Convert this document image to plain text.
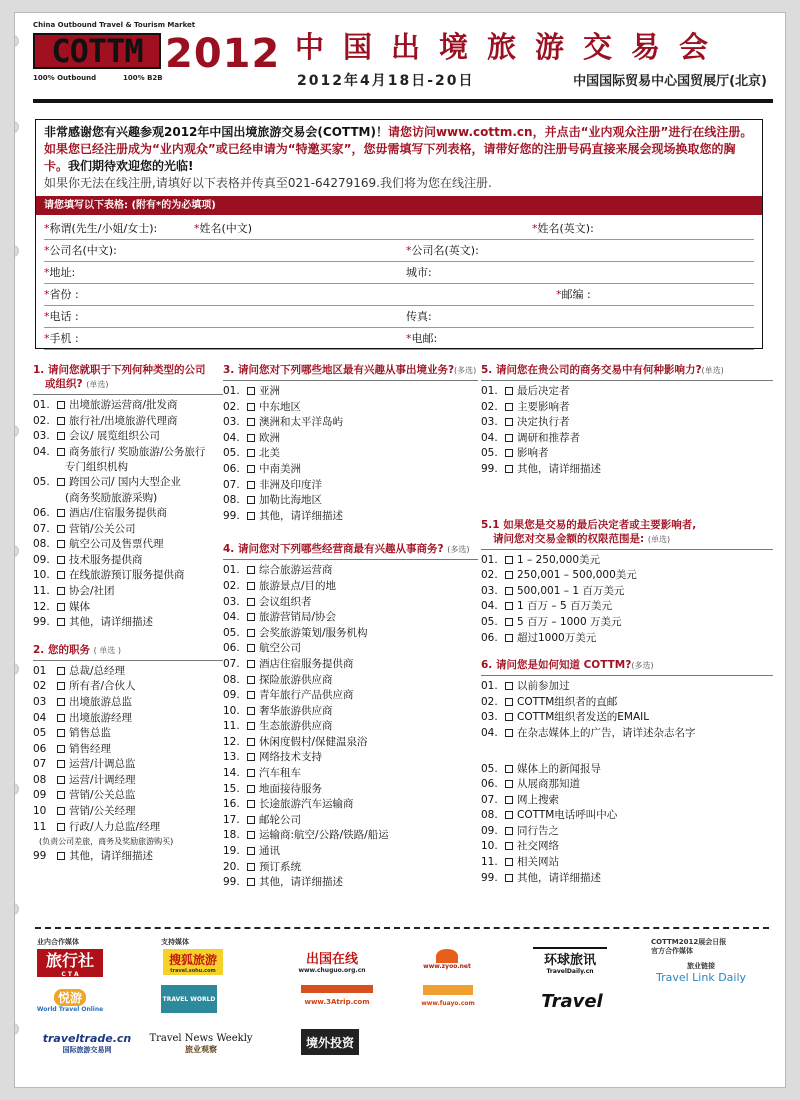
China Outbound Travel & Tourism Market
COTTM
100% Outbound	100% B2B
2012 中国出境旅游交易会
2012年4月18日-20日	中国国际贸易中心国贸展厅(北京)
非常感谢您有兴趣参观2012年中国出境旅游交易会(COTTM)！请您访问www.cottm.cn，并点击“业内观众注册”进行在线注册。如果您已经注册成为“业内观众”或已经申请为“特邀买家”，您毋需填写下列表格，请带好您的注册号码直接来展会现场换取您的胸卡。我们期待欢迎您的光临!
如果你无法在线注册,请填好以下表格并传真至021-64279169.我们将为您在线注册.
请您填写以下表格: (附有*的为必填项)
*称谓(先生/小姐/女士):	*姓名(中文)	*姓名(英文):
*公司名(中文):	*公司名(英文):
*地址:	城市:
*省份 :	*邮编 :
*电话 :	传真:
*手机 :	*电邮:
1. 请问您就职于下列何种类型的公司
或组织? (单选)
01. 出境旅游运营商/批发商
02. 旅行社/出境旅游代理商
03. 会议/ 展览组织公司
04. 商务旅行/ 奖励旅游/公务旅行
专门组织机构
05. 跨国公司/ 国内大型企业
(商务奖励旅游采购)
06. 酒店/住宿服务提供商
07. 营销/公关公司
08. 航空公司及售票代理
09. 技术服务提供商
10. 在线旅游预订服务提供商
11. 协会/社团
12. 媒体
99. 其他，请详细描述
2. 您的职务 ( 单选 )
01 总裁/总经理
02 所有者/合伙人
03 出境旅游总监
04 出境旅游经理
05 销售总监
06 销售经理
07 运营/计调总监
08 运营/计调经理
09 营销/公关总监
10 营销/公关经理
11 行政/人力总监/经理
(负责公司差旅，商务及奖励旅游购买)
99 其他，请详细描述
3. 请问您对下列哪些地区最有兴趣从事出境业务?(多选)
01. 亚洲
02. 中东地区
03. 澳洲和太平洋岛屿
04. 欧洲
05. 北美
06. 中南美洲
07. 非洲及印度洋
08. 加勒比海地区
99. 其他，请详细描述
4. 请问您对下列哪些经营商最有兴趣从事商务? (多选)
01. 综合旅游运营商
02. 旅游景点/目的地
03. 会议组织者
04. 旅游营销局/协会
05. 会奖旅游策划/服务机构
06. 航空公司
07. 酒店住宿服务提供商
08. 探险旅游供应商
09. 青年旅行产品供应商
10. 奢华旅游供应商
11. 生态旅游供应商
12. 休闲度假村/保健温泉浴
13. 网络技术支持
14. 汽车租车
15. 地面接待服务
16. 长途旅游汽车运输商
17. 邮轮公司
18. 运输商:航空/公路/铁路/船运
19. 通讯
20. 预订系统
99. 其他，请详细描述
5. 请问您在贵公司的商务交易中有何种影响力?(单选)
01. 最后决定者
02. 主要影响者
03. 决定执行者
04. 调研和推荐者
05. 影响者
99. 其他，请详细描述
5.1 如果您是交易的最后决定者或主要影响者,
请问您对交易金额的权限范围是: (单选)
01. 1 – 250,000美元
02. 250,001 – 500,000美元
03. 500,001 – 1 百万美元
04. 1 百万 – 5 百万美元
05. 5 百万 – 1000 万美元
06. 超过1000万美元
6. 请问您是如何知道 COTTM?(多选)
01. 以前参加过
02. COTTM组织者的直邮
03. COTTM组织者发送的EMAIL
04. 在杂志媒体上的广告，请详述杂志名字
05. 媒体上的新闻报导
06. 从展商那知道
07. 网上搜索
08. COTTM电话呼叫中心
09. 同行告之
10. 社交网络
11. 相关网站
99. 其他，请详细描述
业内合作媒体	支持媒体	COTTM2012展会日报
官方合作媒体
旅行社
C T A
搜狐旅游
travel.sohu.com
出国在线
www.chuguo.org.cn
www.zyoo.net	环球旅讯
TravelDaily.cn
旅业链接
Travel Link Daily
悦游
World Travel Online
TRAVEL WORLD	www.3Atrip.com	www.fuayo.com	Travel
traveltrade.cn
国际旅游交易网
Travel News Weekly
旅业观察	境外投资
